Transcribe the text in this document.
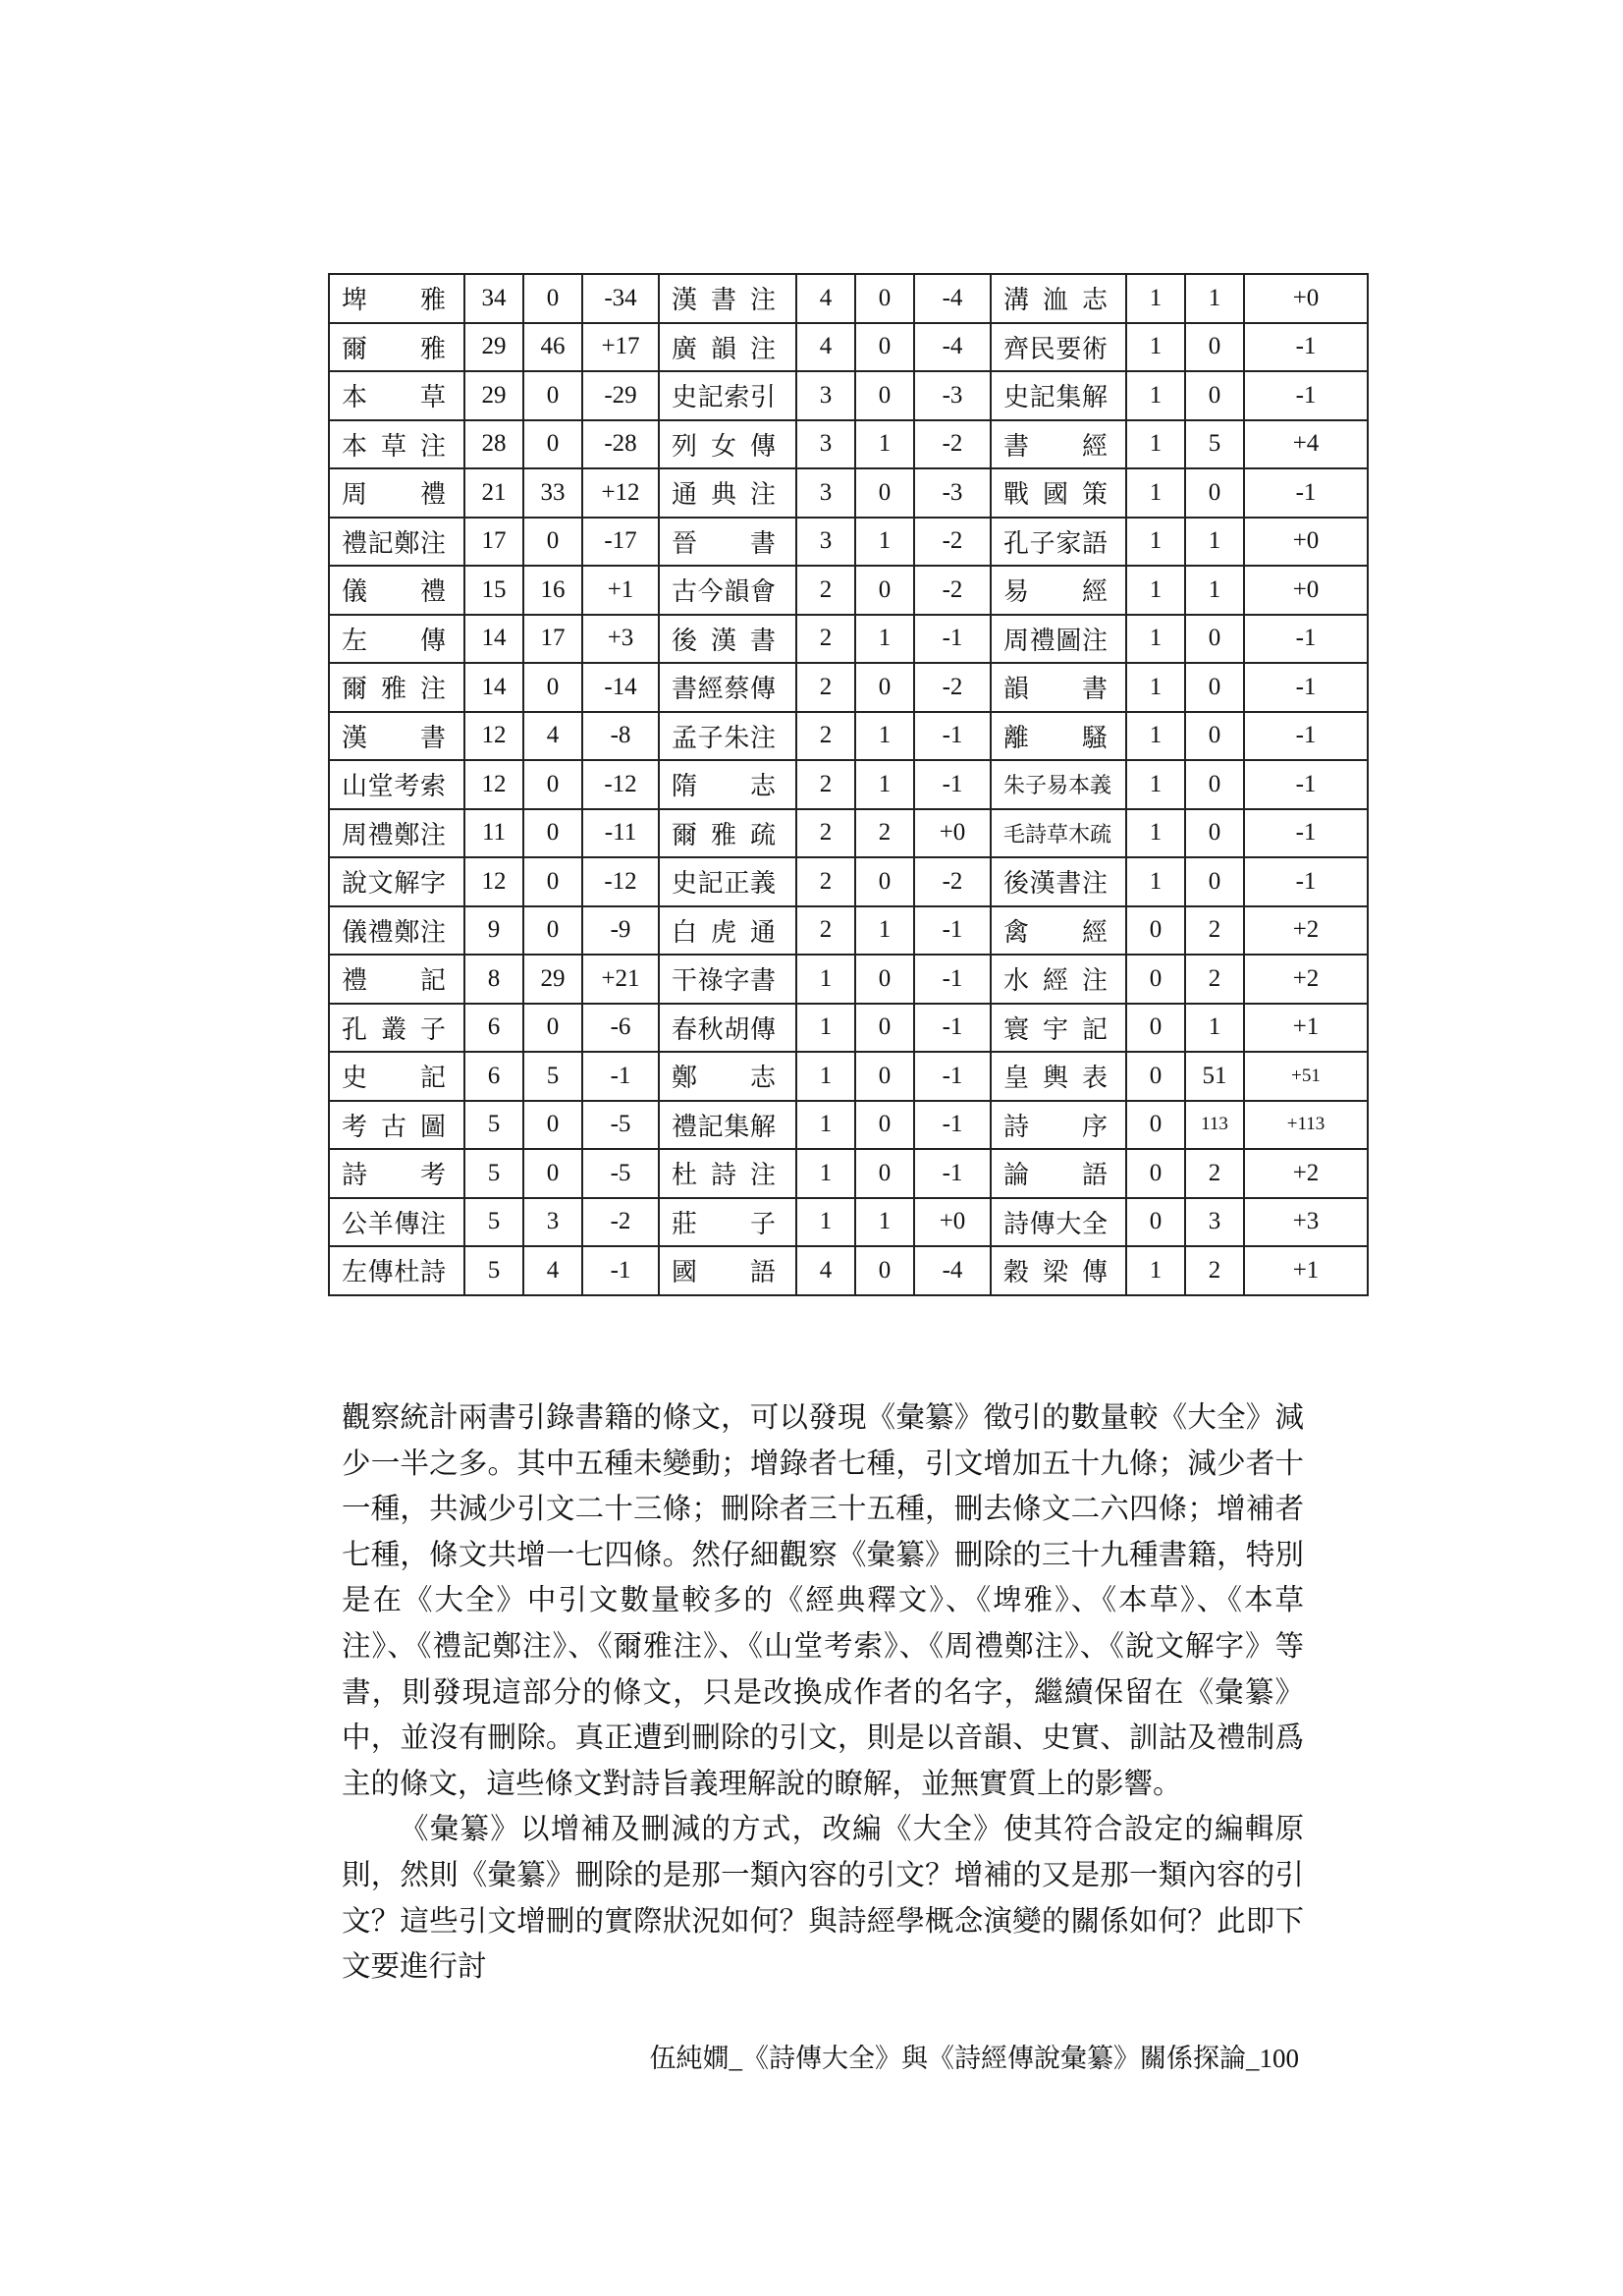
埤雅	34	0	-34	漢書注	4	0	-4	溝洫志	1	1	+0

爾雅	29	46	+17	廣韻注	4	0	-4	齊民要術	1	0	-1

本草	29	0	-29	史記索引	3	0	-3	史記集解	1	0	-1

本草注	28	0	-28	列女傳	3	1	-2	書經	1	5	+4

周禮	21	33	+12	通典注	3	0	-3	戰國策	1	0	-1

禮記鄭注	17	0	-17	晉書	3	1	-2	孔子家語	1	1	+0

儀禮	15	16	+1	古今韻會	2	0	-2	易經	1	1	+0

左傳	14	17	+3	後漢書	2	1	-1	周禮圖注	1	0	-1

爾雅注	14	0	-14	書經蔡傳	2	0	-2	韻書	1	0	-1

漢書	12	4	-8	孟子朱注	2	1	-1	離騷	1	0	-1

山堂考索	12	0	-12	隋志	2	1	-1	朱子易本義	1	0	-1

周禮鄭注	11	0	-11	爾雅疏	2	2	+0	毛詩草木疏	1	0	-1

說文解字	12	0	-12	史記正義	2	0	-2	後漢書注	1	0	-1

儀禮鄭注	9	0	-9	白虎通	2	1	-1	禽經	0	2	+2

禮記	8	29	+21	干祿字書	1	0	-1	水經注	0	2	+2

孔叢子	6	0	-6	春秋胡傳	1	0	-1	寰宇記	0	1	+1

史記	6	5	-1	鄭志	1	0	-1	皇輿表	0	51	+51

考古圖	5	0	-5	禮記集解	1	0	-1	詩序	0	113	+113

詩考	5	0	-5	杜詩注	1	0	-1	論語	0	2	+2

公羊傳注	5	3	-2	莊子	1	1	+0	詩傳大全	0	3	+3

左傳杜詩	5	4	-1	國語	4	0	-4	穀梁傳	1	2	+1

觀察統計兩書引錄書籍的條文，可以發現《彙纂》徵引的數量較《大全》減少一半之多。其中五種未變動；增錄者七種，引文增加五十九條；減少者十一種，共減少引文二十三條；刪除者三十五種，刪去條文二六四條；增補者七種，條文共增一七四條。然仔細觀察《彙纂》刪除的三十九種書籍，特別是在《大全》中引文數量較多的《經典釋文》、《埤雅》、《本草》、《本草注》、《禮記鄭注》、《爾雅注》、《山堂考索》、《周禮鄭注》、《說文解字》等書，則發現這部分的條文，只是改換成作者的名字，繼續保留在《彙纂》中，並沒有刪除。真正遭到刪除的引文，則是以音韻、史實、訓詁及禮制爲主的條文，這些條文對詩旨義理解說的瞭解，並無實質上的影響。

《彙纂》以增補及刪減的方式，改編《大全》使其符合設定的編輯原則，然則《彙纂》刪除的是那一類內容的引文？增補的又是那一類內容的引文？這些引文增刪的實際狀況如何？與詩經學概念演變的關係如何？此即下文要進行討

伍純嫺_《詩傳大全》與《詩經傳說彙纂》關係探論_100
